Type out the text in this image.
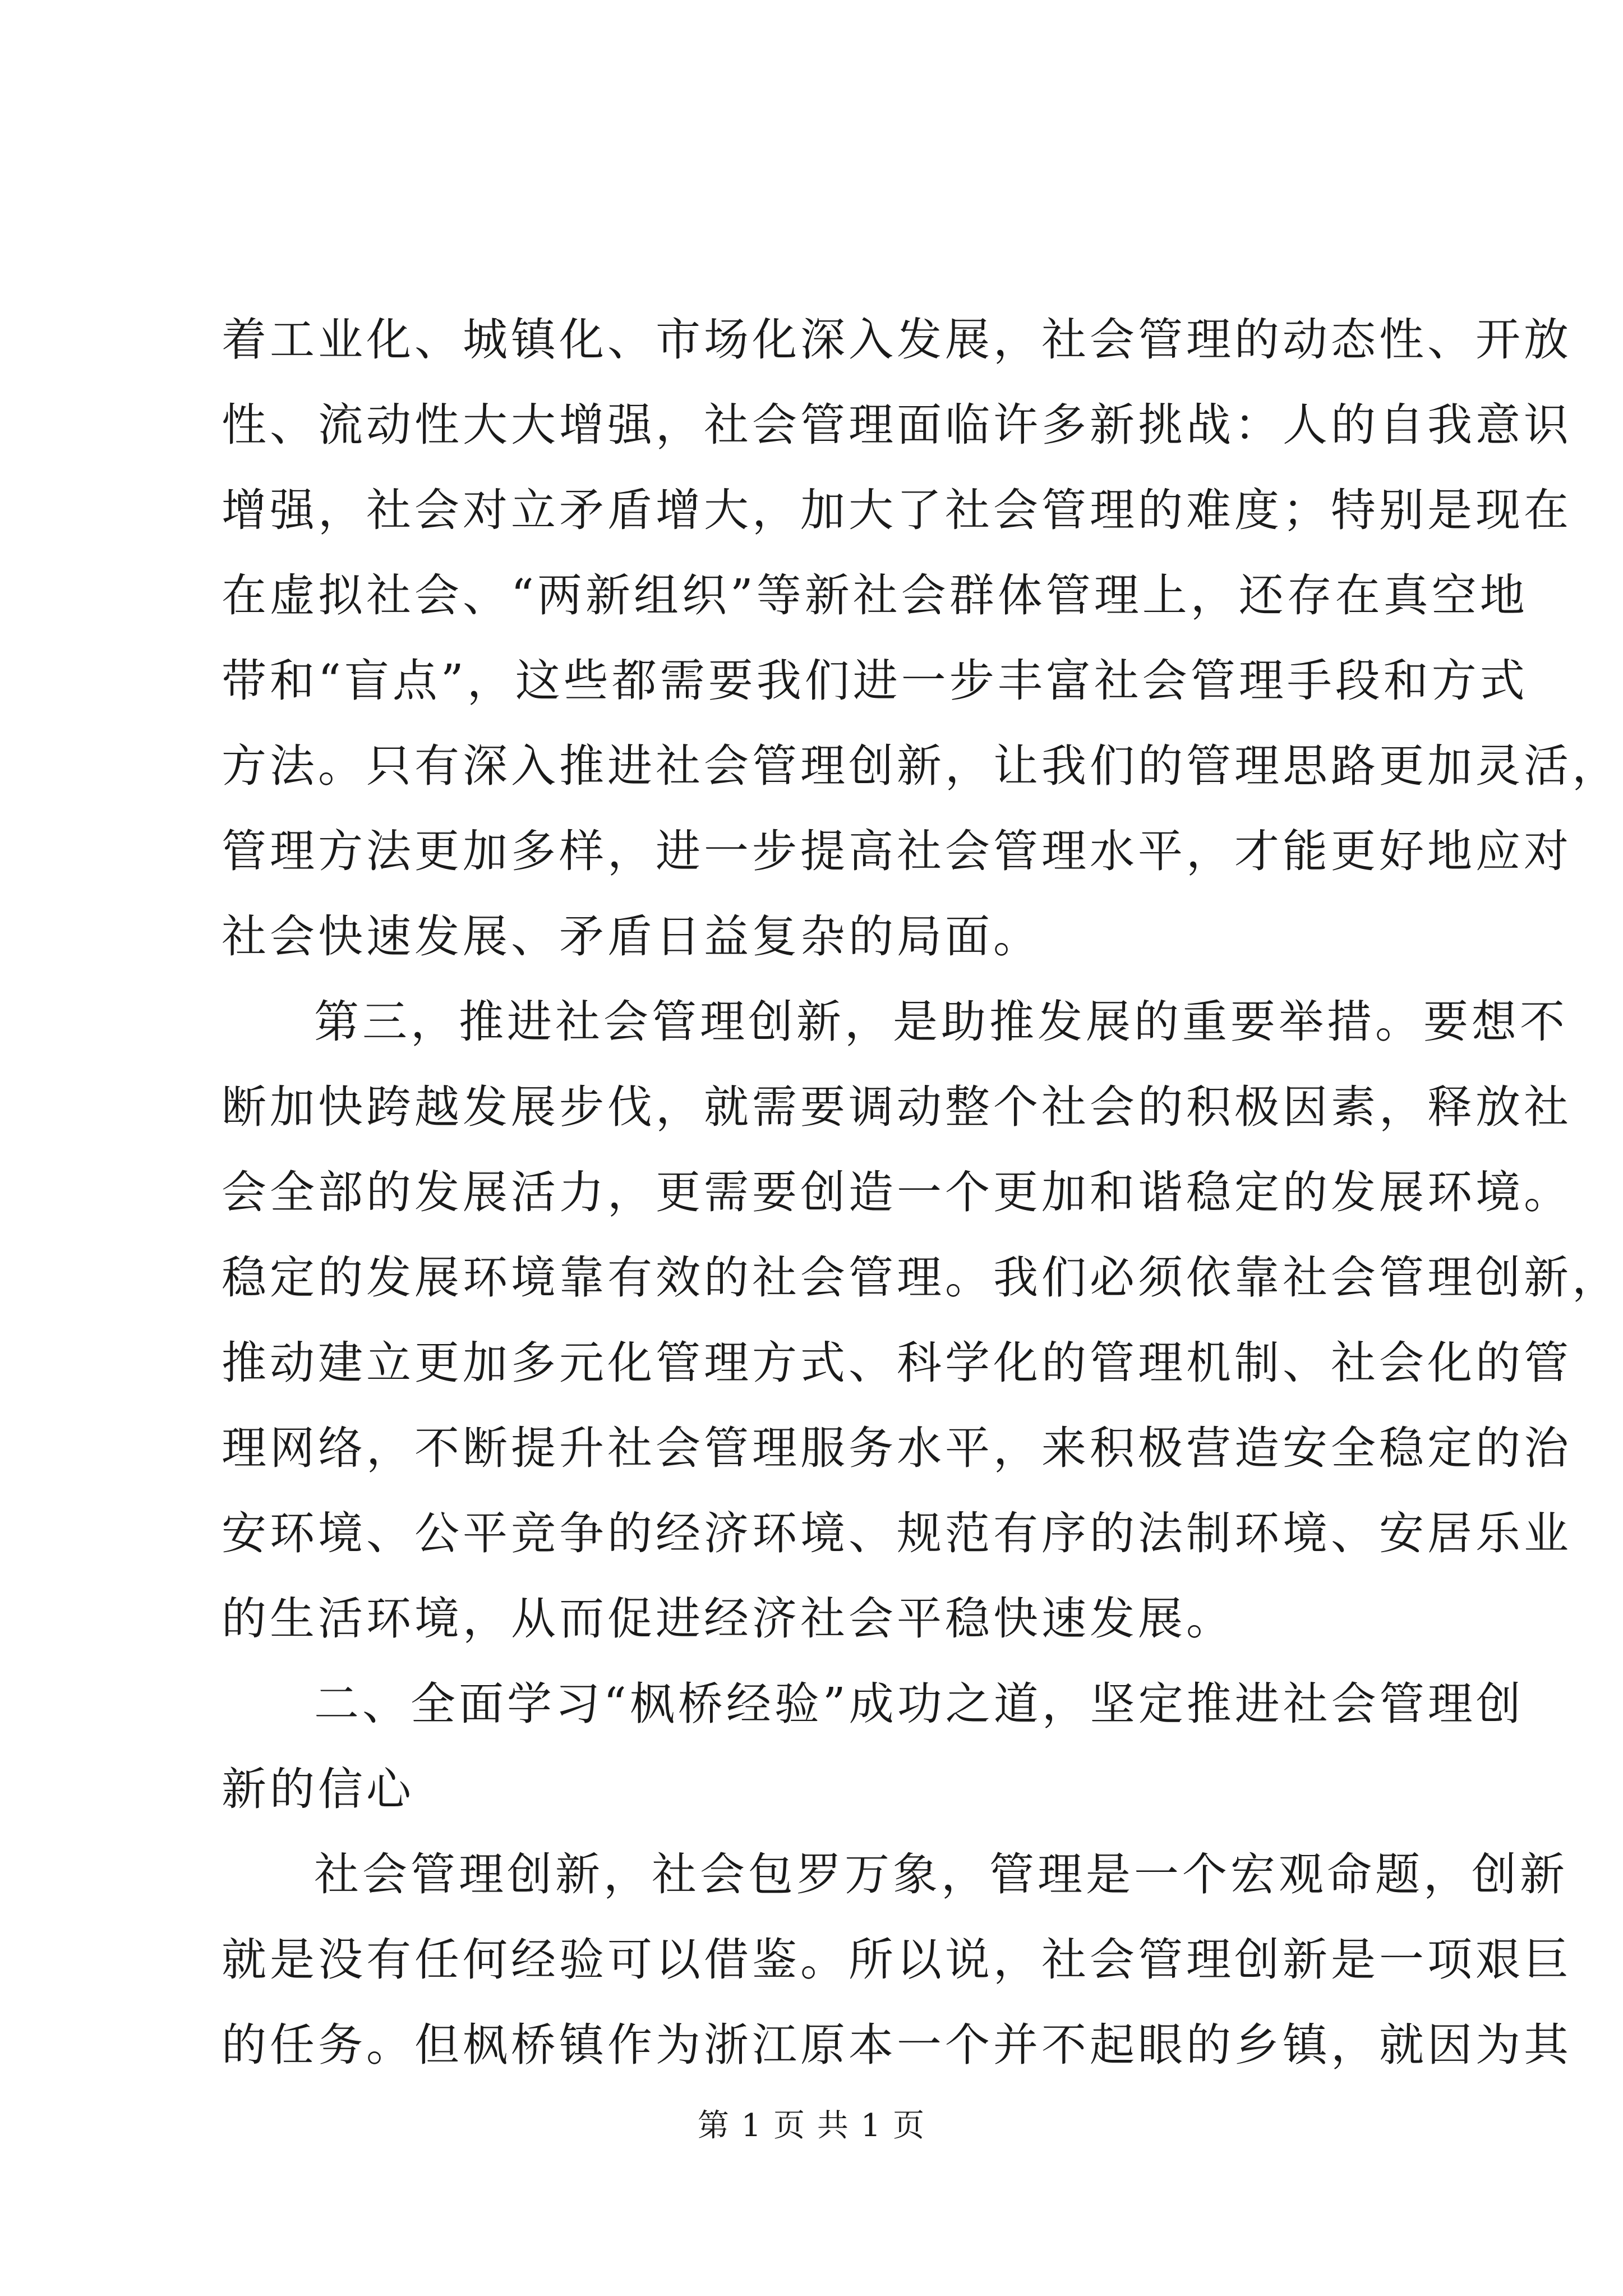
着工业化、城镇化、市场化深入发展，社会管理的动态性、开放
性、流动性大大增强，社会管理面临许多新挑战：人的自我意识
增强，社会对立矛盾增大，加大了社会管理的难度；特别是现在
在虚拟社会、“两新组织”等新社会群体管理上，还存在真空地
带和“盲点”，这些都需要我们进一步丰富社会管理手段和方式
方法。只有深入推进社会管理创新，让我们的管理思路更加灵活，
管理方法更加多样，进一步提高社会管理水平，才能更好地应对
社会快速发展、矛盾日益复杂的局面。
第三，推进社会管理创新，是助推发展的重要举措。要想不
断加快跨越发展步伐，就需要调动整个社会的积极因素，释放社
会全部的发展活力，更需要创造一个更加和谐稳定的发展环境。
稳定的发展环境靠有效的社会管理。我们必须依靠社会管理创新，
推动建立更加多元化管理方式、科学化的管理机制、社会化的管
理网络，不断提升社会管理服务水平，来积极营造安全稳定的治
安环境、公平竞争的经济环境、规范有序的法制环境、安居乐业
的生活环境，从而促进经济社会平稳快速发展。
二、全面学习“枫桥经验”成功之道，坚定推进社会管理创
新的信心
社会管理创新，社会包罗万象，管理是一个宏观命题，创新
就是没有任何经验可以借鉴。所以说，社会管理创新是一项艰巨
的任务。但枫桥镇作为浙江原本一个并不起眼的乡镇，就因为其
第 1 页 共 1 页
